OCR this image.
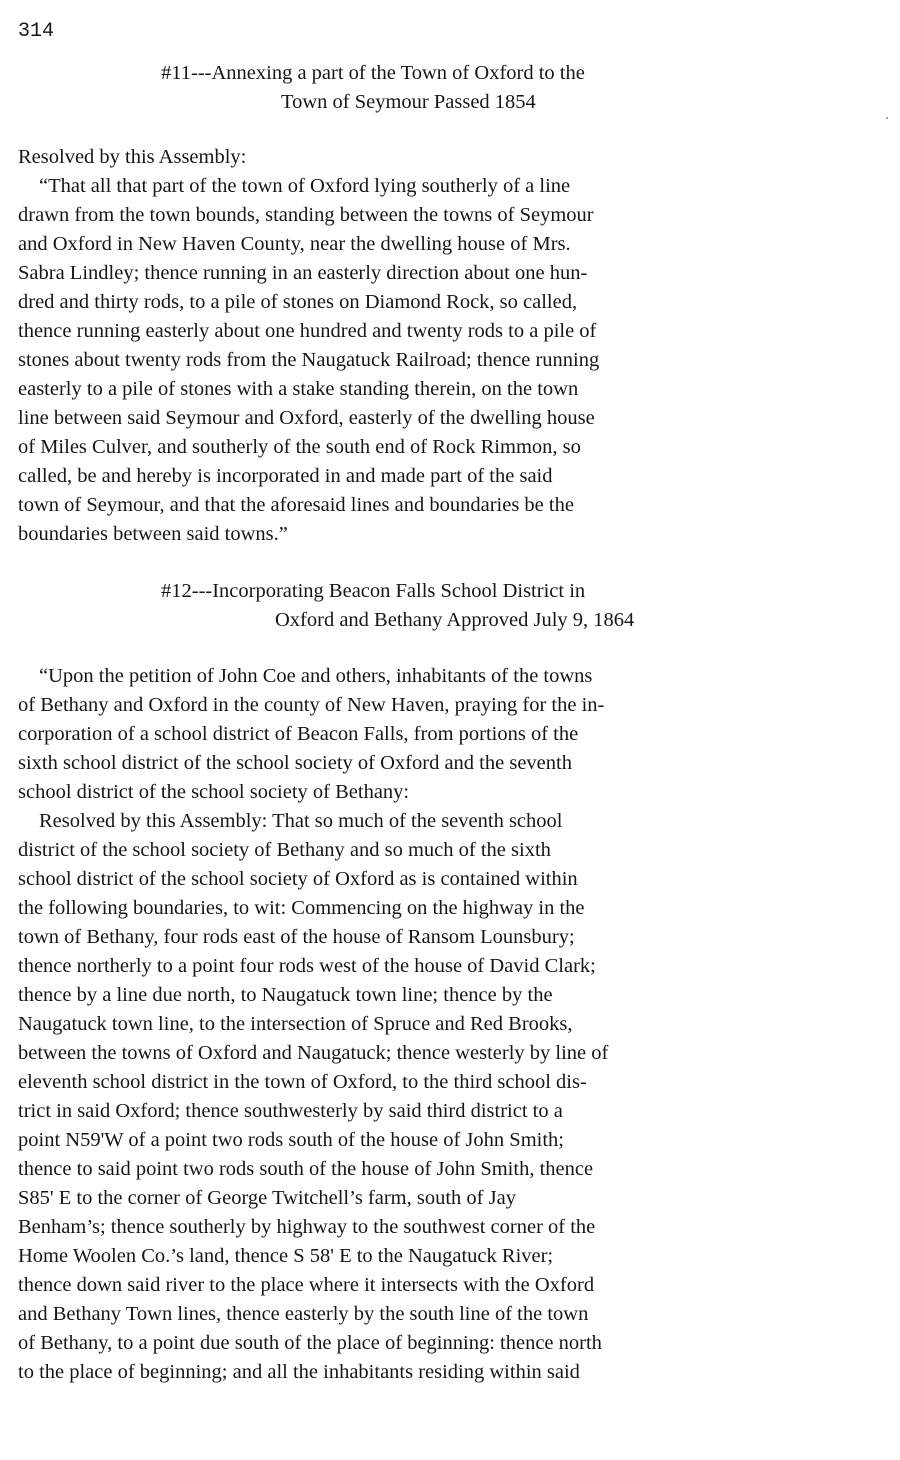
314
#11---Annexing a part of the Town of Oxford to the
Town of Seymour Passed 1854
Resolved by this Assembly:
“That all that part of the town of Oxford lying southerly of a line
drawn from the town bounds, standing between the towns of Seymour
and Oxford in New Haven County, near the dwelling house of Mrs.
Sabra Lindley; thence running in an easterly direction about one hun-
dred and thirty rods, to a pile of stones on Diamond Rock, so called,
thence running easterly about one hundred and twenty rods to a pile of
stones about twenty rods from the Naugatuck Railroad; thence running
easterly to a pile of stones with a stake standing therein, on the town
line between said Seymour and Oxford, easterly of the dwelling house
of Miles Culver, and southerly of the south end of Rock Rimmon, so
called, be and hereby is incorporated in and made part of the said
town of Seymour, and that the aforesaid lines and boundaries be the
boundaries between said towns.”
#12---Incorporating Beacon Falls School District in
Oxford and Bethany Approved July 9, 1864
“Upon the petition of John Coe and others, inhabitants of the towns
of Bethany and Oxford in the county of New Haven, praying for the in-
corporation of a school district of Beacon Falls, from portions of the
sixth school district of the school society of Oxford and the seventh
school district of the school society of Bethany:
Resolved by this Assembly: That so much of the seventh school
district of the school society of Bethany and so much of the sixth
school district of the school society of Oxford as is contained within
the following boundaries, to wit: Commencing on the highway in the
town of Bethany, four rods east of the house of Ransom Lounsbury;
thence northerly to a point four rods west of the house of David Clark;
thence by a line due north, to Naugatuck town line; thence by the
Naugatuck town line, to the intersection of Spruce and Red Brooks,
between the towns of Oxford and Naugatuck; thence westerly by line of
eleventh school district in the town of Oxford, to the third school dis-
trict in said Oxford; thence southwesterly by said third district to a
point N59'W of a point two rods south of the house of John Smith;
thence to said point two rods south of the house of John Smith, thence
S85' E to the corner of George Twitchell’s farm, south of Jay
Benham’s; thence southerly by highway to the southwest corner of the
Home Woolen Co.’s land, thence S 58' E to the Naugatuck River;
thence down said river to the place where it intersects with the Oxford
and Bethany Town lines, thence easterly by the south line of the town
of Bethany, to a point due south of the place of beginning: thence north
to the place of beginning; and all the inhabitants residing within said
